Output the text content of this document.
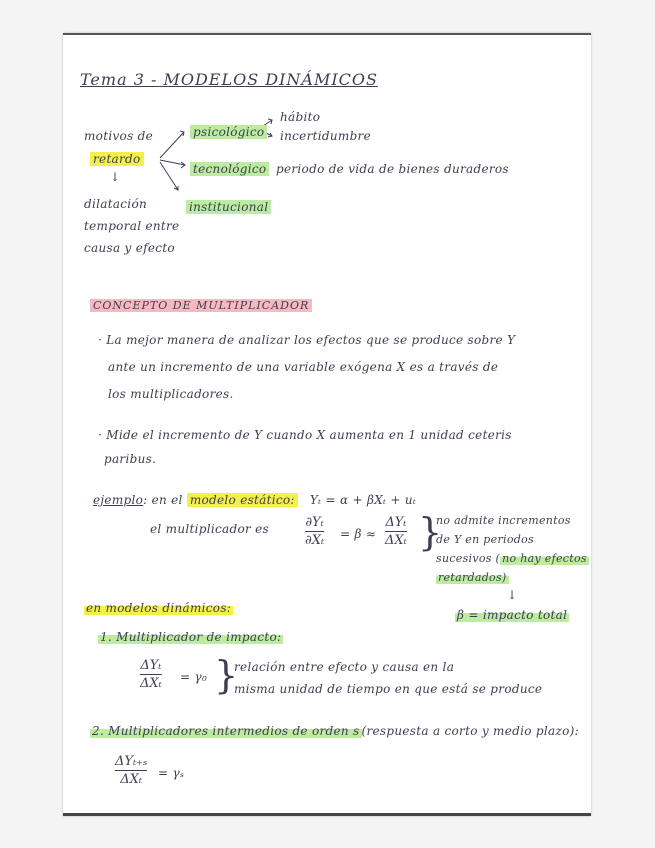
Tema 3 - MODELOS DINÁMICOS
motivos de
retardo
↓
dilatación
temporal entre
causa y efecto
psicológico
hábito
incertidumbre
tecnológico periodo de vida de bienes duraderos
institucional
CONCEPTO DE MULTIPLICADOR
· La mejor manera de analizar los efectos que se produce sobre Y
ante un incremento de una variable exógena X es a través de
los multiplicadores.
· Mide el incremento de Y cuando X aumenta en 1 unidad ceteris
paribus.
ejemplo: en el modelo estático: Yₜ = α + βXₜ + uₜ
el multiplicador es	∂Yₜ
∂Xₜ = β ≈
ΔYₜ
ΔXₜ }
no admite incrementos
de Y en periodos
sucesivos ( no hay efectos
retardados)
↓
β = impacto total
en modelos dinámicos:
1. Multiplicador de impacto:
ΔYₜ
ΔXₜ = γ₀ }
relación entre efecto y causa en la
misma unidad de tiempo en que está se produce
2. Multiplicadores intermedios de orden s (respuesta a corto y medio plazo):
ΔYₜ₊ₛ
ΔXₜ = γₛ
